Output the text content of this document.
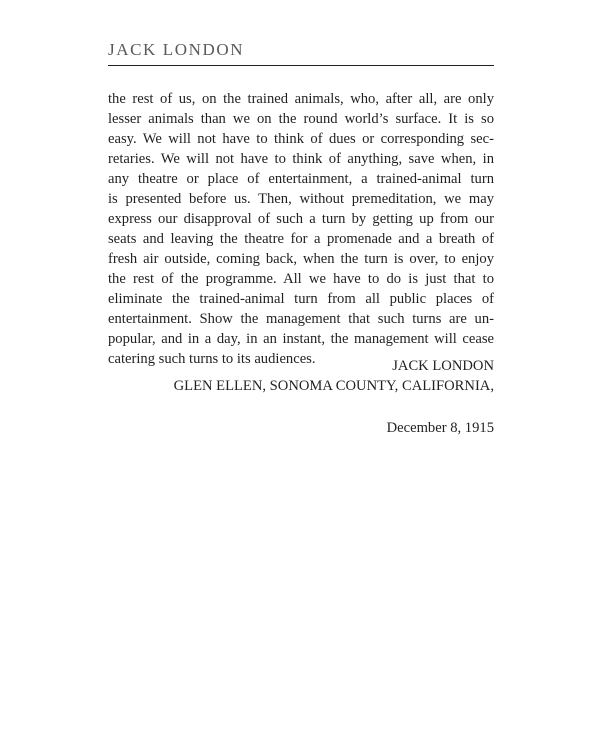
JACK LONDON
the rest of us, on the trained animals, who, after all, are only
lesser animals than we on the round world’s surface. It is so
easy. We will not have to think of dues or corresponding sec-
retaries. We will not have to think of anything, save when, in
any theatre or place of entertainment, a trained-animal turn
is presented before us. Then, without premeditation, we may
express our disapproval of such a turn by getting up from our
seats and leaving the theatre for a promenade and a breath of
fresh air outside, coming back, when the turn is over, to enjoy
the rest of the programme. All we have to do is just that to
eliminate the trained-animal turn from all public places of
entertainment. Show the management that such turns are un-
popular, and in a day, in an instant, the management will cease
catering such turns to its audiences.	JACK LONDON
GLEN ELLEN, SONOMA COUNTY, CALIFORNIA,
December 8, 1915
